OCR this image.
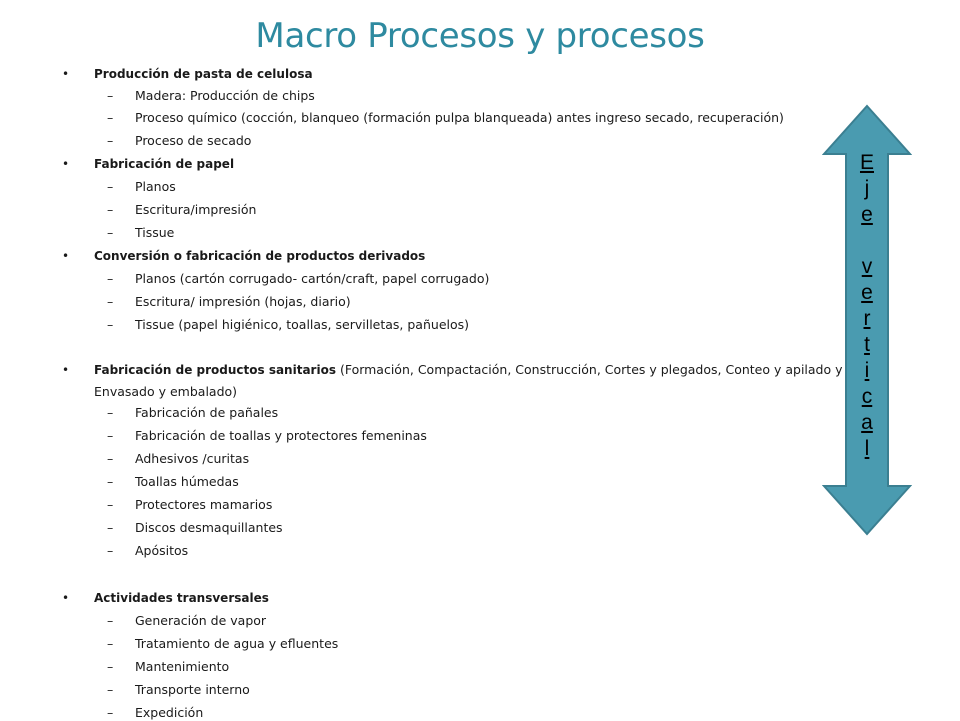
Macro Procesos y procesos

• Producción de pasta de celulosa

– Madera: Producción de chips

– Proceso químico (cocción, blanqueo (formación pulpa blanqueada) antes ingreso secado, recuperación)

– Proceso de secado

• Fabricación de papel

– Planos

– Escritura/impresión

– Tissue

• Conversión o fabricación de productos derivados

– Planos (cartón corrugado- cartón/craft, papel corrugado)

– Escritura/ impresión (hojas, diario)

– Tissue (papel higiénico, toallas, servilletas, pañuelos)

• Fabricación de productos sanitarios (Formación, Compactación, Construcción, Cortes y plegados, Conteo y apilado y Envasado y embalado)

– Fabricación de pañales

– Fabricación de toallas y protectores femeninas

– Adhesivos /curitas

– Toallas húmedas

– Protectores mamarios

– Discos desmaquillantes

– Apósitos

• Actividades transversales

– Generación de vapor

– Tratamiento de agua y efluentes

– Mantenimiento

– Transporte interno

– Expedición

E
j
e
v
e
r
t
i
c
a
l
